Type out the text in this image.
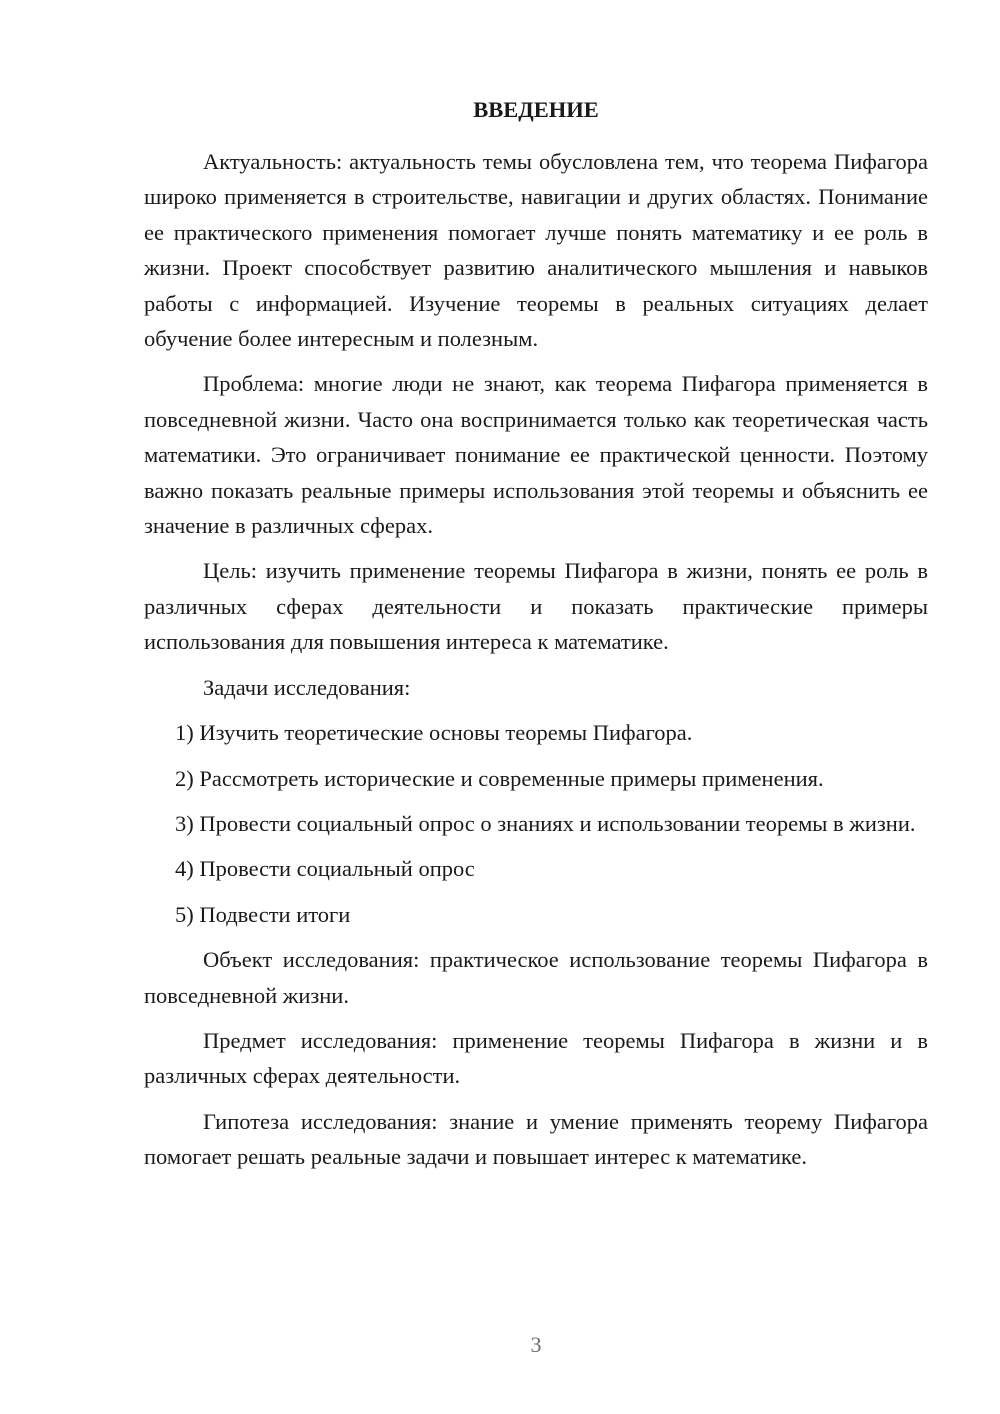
ВВЕДЕНИЕ

Актуальность: актуальность темы обусловлена тем, что теорема Пифагора широко применяется в строительстве, навигации и других областях. Понимание ее практического применения помогает лучше понять математику и ее роль в жизни. Проект способствует развитию аналитического мышления и навыков работы с информацией. Изучение теоремы в реальных ситуациях делает обучение более интересным и полезным.

Проблема: многие люди не знают, как теорема Пифагора применяется в повседневной жизни. Часто она воспринимается только как теоретическая часть математики. Это ограничивает понимание ее практической ценности. Поэтому важно показать реальные примеры использования этой теоремы и объяснить ее значение в различных сферах.

Цель: изучить применение теоремы Пифагора в жизни, понять ее роль в различных сферах деятельности и показать практические примеры использования для повышения интереса к математике.

Задачи исследования:

1) Изучить теоретические основы теоремы Пифагора.

2) Рассмотреть исторические и современные примеры применения.

3) Провести социальный опрос о знаниях и использовании теоремы в жизни.

4) Провести социальный опрос

5) Подвести итоги

Объект исследования: практическое использование теоремы Пифагора в повседневной жизни.

Предмет исследования: применение теоремы Пифагора в жизни и в различных сферах деятельности.

Гипотеза исследования: знание и умение применять теорему Пифагора помогает решать реальные задачи и повышает интерес к математике.

3
